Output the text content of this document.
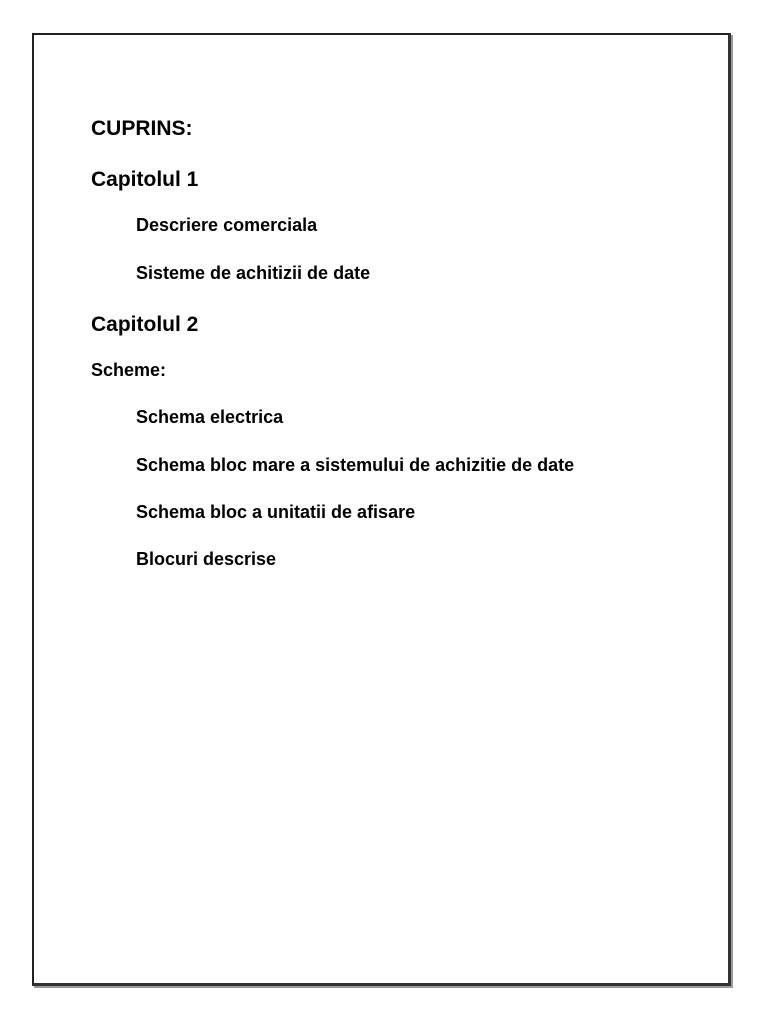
CUPRINS:
Capitolul 1
Descriere comerciala
Sisteme de achitizii de date
Capitolul 2
Scheme:
Schema electrica
Schema bloc mare a sistemului de achizitie de date
Schema bloc a unitatii de afisare
Blocuri descrise
